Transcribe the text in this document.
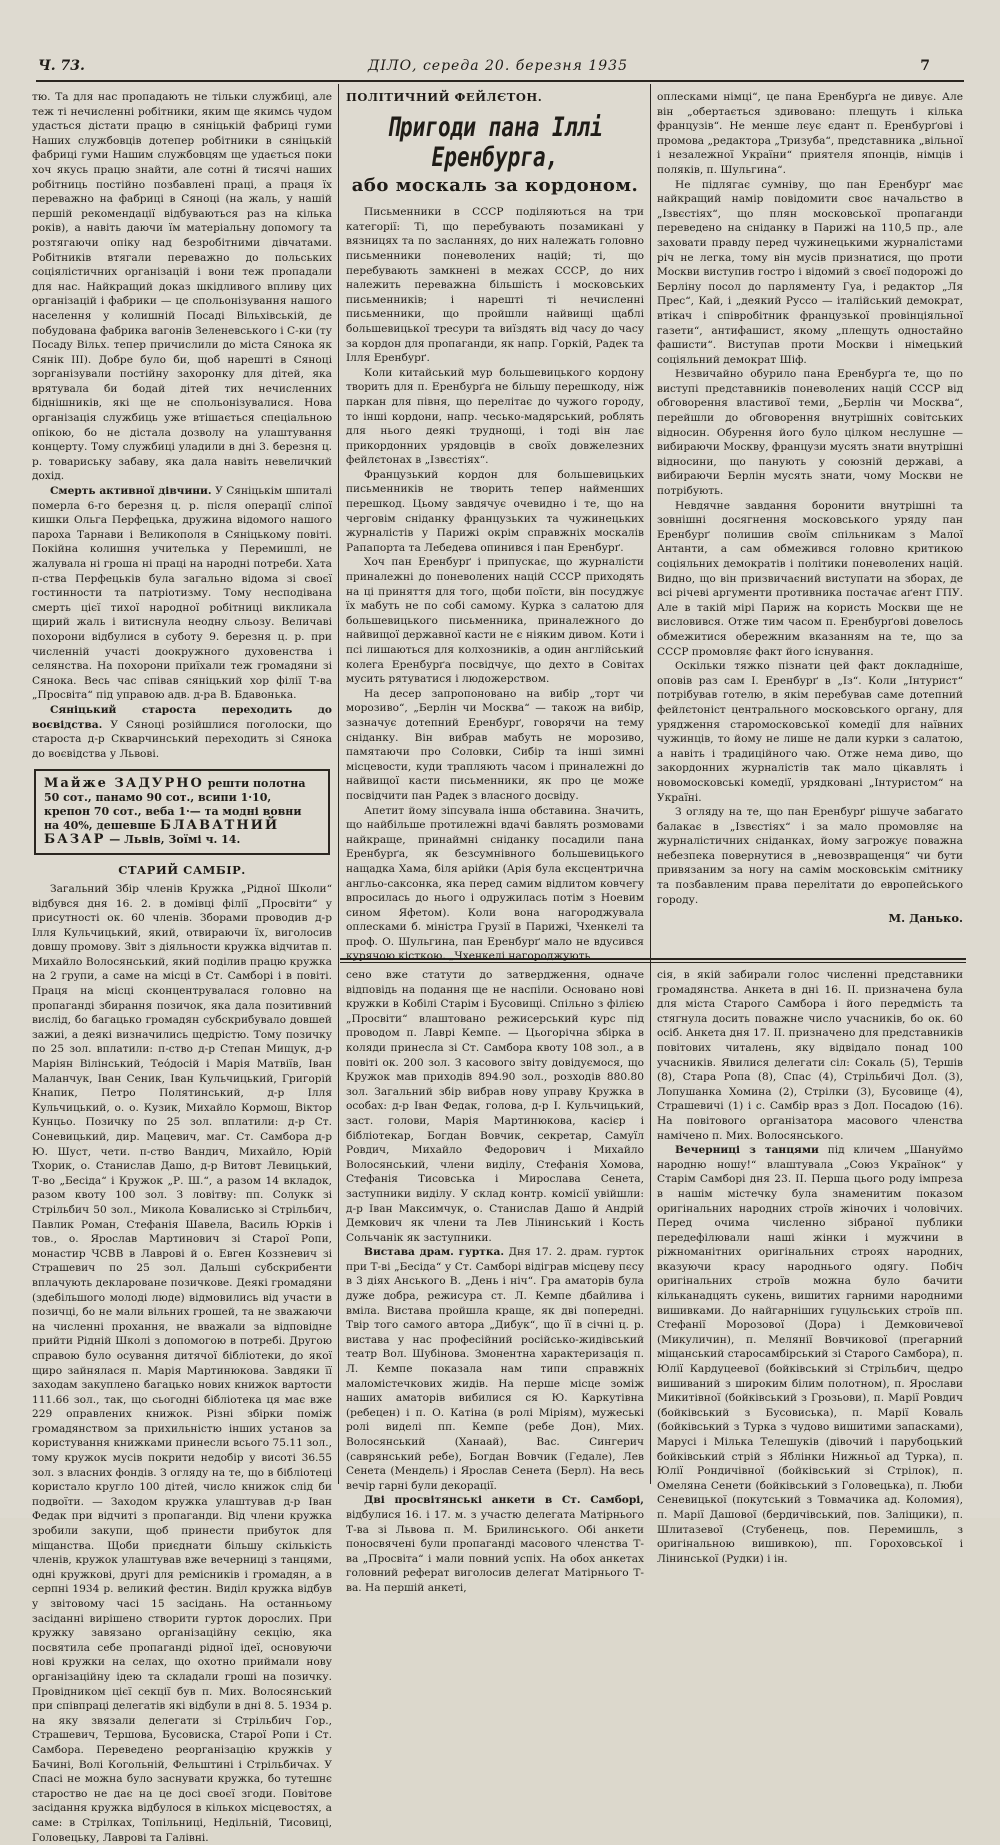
Ч. 73.	ДІЛО, середа 20. березня 1935	7

тю. Та для нас пропадають не тільки службиці, але теж ті нечисленні робітники, яким ще якимсь чудом удасться дістати працю в сяніцькій фабриці гуми Наших службовців дотепер робітники в сяніцькій фабриці гуми Нашим службовцям ще удається поки хоч якусь працю знайти, але сотні й тисячі наших робітниць постійно позбавлені праці, а праця їх переважно на фабриці в Сяноці (на жаль, у нашій першій рекомендації відбуваються раз на кілька років), а навіть даючи їм матеріальну допомогу та розтягаючи опіку над безробітними дівчатами. Робітників втягали переважно до польських соціялістичних організацій і вони теж пропадали для нас. Найкращий доказ шкідливого впливу цих організацій і фабрики — це спольонізування нашого населення у колишній Посаді Вільхівській, де побудована фабрика вагонів Зеленевського і С-ки (ту Посаду Вільх. тепер причислили до міста Сянока як Сянік ІІІ). Добре було би, щоб нарешті в Сяноці зорганізували постійну захоронку для дітей, яка врятувала би бодай дітей тих нечисленних біднішників, які ще не спольонізувалися. Нова організація службиць уже втішається спеціальною опікою, бо не дістала дозволу на улаштування концерту. Тому службиці уладили в дні 3. березня ц. р. товариську забаву, яка дала навіть невеличкий дохід.

Смерть активної дівчини. У Сяніцькім шпиталі померла 6-го березня ц. р. після операції сліпої кишки Ольга Перфецька, дружина відомого нашого пароха Тарнави і Великополя в Сяніцькому повіті. Покійна колишня учителька у Перемишлі, не жалувала ні гроша ні праці на народні потреби. Хата п-ства Перфецьків була загально відома зі своєї гостинности та патріотизму. Тому несподівана смерть цієї тихої народної робітниці викликала щирий жаль і витиснула неодну сльозу. Величаві похорони відбулися в суботу 9. березня ц. р. при численній участі доокружного духовенства і селянства. На похорони приїхали теж громадяни зі Сянока. Весь час співав сяніцький хор філії Т-ва „Просвіта“ під управою адв. д-ра В. Бдавонька.

Сяніцький староста переходить до воєвідства. У Сяноці розійшлися поголоски, що староста д-р Скварчинський переходить зі Сянока до воєвідства у Львові.

Майже ЗАДУРНО решти полотна 50 сот., панамо 90 сот., всипи 1·10, крепон 70 сот., веба 1·— та модні вовни на 40%, дешевше БЛАВАТНИЙ БАЗАР — Львів, Зоїмі ч. 14.
СТАРИЙ САМБІР.

Загальний Збір членів Кружка „Рідної Школи“ відбувся дня 16. 2. в домівці філії „Просвіти“ у присутності ок. 60 членів. Зборами проводив д-р Ілля Кульчицький, який, отвираючи їх, виголосив довшу промову. Звіт з діяльности кружка відчитав п. Михайло Волосянський, який поділив працю кружка на 2 групи, а саме на місці в Ст. Самборі і в повіті. Праця на місці сконцентрувалася головно на пропаганді збирання позичок, яка дала позитивний вислід, бо багацько громадян субскрибувало довшей зажиі, а деякі визначились щедрістю. Тому позичку по 25 зол. вплатили: п-ство д-р Степан Мищук, д-р Маріян Вілінський, Тео́досій і Марія Матвіїв, Іван Маланчук, Іван Сеник, Іван Кульчицький, Григорій Кнапик, Петро Полятинський, д-р Ілля Кульчицький, о. о. Кузик, Михайло Кормош, Віктор Кунцьо. Позичку по 25 зол. вплатили: д-р Ст. Соневицький, дир. Мацевич, маг. Ст. Самбора д-р Ю. Шуст, чети. п-ство Вандич, Михайло, Юрій Тхорик, о. Станислав Дашо, д-р Витовт Левицький, Т-во „Бесіда“ і Кружок „Р. Ш.“, а разом 14 вкладок, разом квоту 100 зол. З ловітву: пп. Солукк зі Стрільбич 50 зол., Микола Ковалисько зі Стрільбич, Павлик Роман, Стефанія Шавела, Василь Юрків і тов., о. Ярослав Мартинович зі Старої Ропи, монастир ЧСВВ в Лаврові й о. Евген Коззневич зі Страшевич по 25 зол. Дальші субскрибенти вплачують деклароване позичкове. Деякі громадяни (здебільшого молоді люде) відмовились від участи в позичці, бо не мали вільних грошей, та не зважаючи на численні прохання, не вважали за відповідне прийти Рідній Школі з допомогою в потребі. Другою справою було осування дитячої бібліотеки, до якої щиро зайнялася п. Марія Мартинюкова. Завдяки її заходам закуплено багацько нових книжок вартости 111.66 зол., так, що сьогодні бібліотека ця має вже 229 оправлених книжок. Різні збірки поміж громадянством за прихильністю інших установ за користування книжками принесли всього 75.11 зол., тому кружок мусів покрити недобір у висоті 36.55 зол. з власних фондів. З огляду на те, що в бібліотеці користало кругло 100 дітей, число книжок слід би подвоїти. — Заходом кружка улаштував д-р Іван Федак при відчиті з пропаганди. Від члени кружка зробили закупи, щоб принести прибуток для міщанства. Щоби приєднати більшу скількість членів, кружок улаштував вже вечерниці з танцями, одні кружкові, другі для ремісників і громадян, а в серпні 1934 р. великий фестин. Виділ кружка відбув у звітовому часі 15 засідань. На останньому засіданні вирішено створити гурток дорослих. При кружку завязано організаційну секцію, яка посвятила себе пропаганді рідної ідеї, основуючи нові кружки на селах, що охотно приймали нову організаційну ідею та складали гроші на позичку. Провідником цієї секції був п. Мих. Волосянський при співпраці делегатів які відбули в дні 8. 5. 1934 р. на яку звязали делегати зі Стрільбич Гор., Страшевич, Тершова, Бусовиска, Старої Ропи і Ст. Самбора. Переведено реорганізацію кружків у Бачині, Волі Когольній, Фельштині і Стрільбичах. У Спасі не можна було заснувати кружка, бо тутешнє староство не дає на це досі своєї згоди. Повітове засідання кружка відбулося в кількох місцевостях, а саме: в Стрілках, Топільниці, Недільній, Тисовиці, Головецьку, Лаврові та Галівні.

ПОЛІТИЧНИЙ ФЕЙЛЄТОН.
Пригоди пана Іллі Еренбурга,
або москаль за кордоном.

Письменники в СССР поділяються на три категорії: Ті, що перебувають позамикані у вязницях та по засланнях, до них належать головно письменники поневолених націй; ті, що перебувають замкнені в межах СССР, до них належить переважна більшість і московських письменників; і нарешті ті нечисленні письменники, що пройшли найвищі щаблі большевицької тресури та виїздять від часу до часу за кордон для пропаганди, як напр. Горкій, Радек та Ілля Еренбурґ.

Коли китайський мур большевицького кордону творить для п. Еренбурґа не більшу перешкоду, ніж паркан для півня, що перелітає до чужого городу, то інші кордони, напр. чесько-мадярський, роблять для нього деякі труднощі, і тоді він лає прикордонних урядовців в своїх довжелезних фейлєтонах в „Ізвєстіях“.

Французький кордон для большевицьких письменників не творить тепер найменших перешкод. Цьому завдячує очевидно і те, що на черговім сніданку французьких та чужинецьких журналістів у Парижі окрім справжніх москалів Рапапорта та Лебедева опинився і пан Еренбурґ.

Хоч пан Еренбурґ і припускає, що журналісти приналежні до поневолених націй СССР приходять на ці приняття для того, щоби поїсти, він посуджує їх мабуть не по собі самому. Курка з салатою для большевицького письменника, приналежного до найвищої державної касти не є ніяким дивом. Коти і псі лишаються для колхозників, а один англійський колега Еренбурґа посвідчує, що дехто в Совітах мусить рятуватися і людожерством.

На десер запропоновано на вибір „торт чи морозиво“, „Берлін чи Москва“ — також на вибір, зазначує дотепний Еренбурґ, говорячи на тему сніданку. Він вибрав мабуть не морозиво, памятаючи про Соловки, Сибір та інші зимні місцевости, куди трапляють часом і приналежні до найвищої касти письменники, як про це може посвідчити пан Радек з власного досвіду.

Апетит йому зіпсувала інша обставина. Значить, що найбільше протилежні вдачі бавлять розмовами найкраще, принаймні сніданку посадили пана Еренбурґа, як безсумнівного большевицького нащадка Хама, біля арійки (Арія була ексцентрична англьо-саксонка, яка перед самим відлитом ковчегу впросилась до нього і одружилась потім з Ноевим сином Яфетом). Коли вона нагороджувала оплесками б. міністра Грузії в Парижі, Чхенкелі та проф. О. Шульгина, пан Еренбурґ мало не вдусився курячою кісткою. „Чхенкелі нагороджують

оплесками німці“, це пана Еренбурґа не дивує. Але він „обертається здивовано: плещуть і кілька французів“. Не менше лєує єдант п. Еренбурґові і промова „редактора „Тризуба“, представника „вільної і незалежної України“ приятеля японців, німців і поляків, п. Шульгина“.

Не підлягає сумніву, що пан Еренбурґ має найкращий намір повідомити своє начальство в „Ізвєстіях“, що плян московської пропаганди переведено на сніданку в Парижі на 110,5 пр., але заховати правду перед чужинецькими журналістами річ не легка, тому він мусів признатися, що проти Москви виступив гостро і відомий з своєї подорожі до Берліну посол до парляменту Гуа, і редактор „Ля Прес“, Кай, і „деякий Руссо — італійський демократ, втікач і співробітник французької провінціяльної газети“, антифашист, якому „плещуть одностайно фашисти“. Виступав проти Москви і німецький соціяльний демократ Шіф.

Незвичайно обурило пана Еренбурґа те, що по виступі представників поневолених націй СССР від обговорення властивої теми, „Берлін чи Москва“, перейшли до обговорення внутрішніх совітських відносин. Обурення його було цілком неслушне — вибираючи Москву, французи мусять знати внутрішні відносини, що панують у союзній державі, а вибираючи Берлін мусять знати, чому Москви не потрібують.

Невдячне завдання боронити внутрішні та зовнішні досягнення московського уряду пан Еренбурґ полишив своїм спільникам з Малої Антанти, а сам обмежився головно критикою соціяльних демократів і політики поневолених націй. Видно, що він призвичаєний виступати на зборах, де всі річеві аргументи противника постачає аґент ГПУ. Але в такій мірі Париж на користь Москви ще не висловився. Отже тим часом п. Еренбурґові довелось обмежитися обережним вказанням на те, що за СССР промовляє факт його існування.

Оскільки тяжко пізнати цей факт докладніше, оповів раз сам І. Еренбурґ в „Із“. Коли „Інтурист“ потрібував готелю, в якім перебував саме дотепний фейлєтоніст центрального московського органу, для урядження старомосковської комедії для наївних чужинців, то йому не лише не дали курки з салатою, а навіть і традиційного чаю. Отже нема диво, що закордонних журналістів так мало цікавлять і новомосковські комедії, урядковані „Інтуристом“ на Україні.

З огляду на те, що пан Еренбурґ рішуче забагато балакає в „Ізвєстіях“ і за мало промовляє на журналістичних сніданках, йому загрожує поважна небезпека повернутися в „невозвращенця“ чи бути привязаним за ногу на самім московськім смітнику та позбавленим права перелітати до европейського городу.

М. Данько.

сено вже статути до затвердження, одначе відповідь на подання ще не наспіли. Основано нові кружки в Кобілі Старім і Бусовищі. Спільно з філією „Просвіти“ влаштовано режисерський курс під проводом п. Лаврі Кемпе. — Цьогорічна збірка в коляди принесла зі Ст. Самбора квоту 108 зол., а в повіті ок. 200 зол. З касового звіту довідуємося, що Кружок мав приходів 894.90 зол., розходів 880.80 зол. Загальний збір вибрав нову управу Кружка в особах: д-р Іван Федак, голова, д-р І. Кульчицький, заст. голови, Марія Мартинюкова, касієр і бібліотекар, Богдан Вовчик, секретар, Самуїл Ровдич, Михайло Федорович і Михайло Волосянський, члени виділу, Стефанія Хомова, Стефанія Тисовська і Мирослава Сенета, заступники виділу. У склад контр. комісії увійшли: д-р Іван Максимчук, о. Станислав Дашо й Андрій Демкович як члени та Лев Лінинський і Кость Сольчанік як заступники.

Вистава драм. гуртка. Дня 17. 2. драм. гурток при Т-ві „Бесіда“ у Ст. Самборі відіграв місцеву пєсу в 3 діях Анського В. „День і ніч“. Гра аматорів була дуже добра, режисура ст. Л. Кемпе дбайлива і вміла. Вистава пройшла краще, як дві попередні. Твір того самого автора „Дибук“, що її в січні ц. р. вистава у нас професійний російсько-жидівський театр Вол. Шубінова. Змонентна характеризація п. Л. Кемпе показала нам типи справжніх маломістечкових жидів. На перше місце зоміж наших аматорів вибилися ся Ю. Каркутівна (ребецен) і п. О. Катіна (в ролі Міріям), мужеські ролі виделі пп. Кемпе (ребе Дон), Мих. Волосянський (Ханаай), Вас. Сингерич (саврянський ребе), Богдан Вовчик (Гедале), Лев Сенета (Мендель) і Ярослав Сенета (Берл). На весь вечір гарні були декорації.

Дві просвітянські анкети в Ст. Самборі, відбулися 16. і 17. м. з участю делегата Матірнього Т-ва зі Львова п. М. Брилинського. Обі анкети поносвячені були пропаганді масового членства Т-ва „Просвіта“ і мали повний успіх. На обох анкетах головний реферат виголосив делегат Матірнього Т-ва. На першій анкеті,

сія, в якій забирали голос численні представники громадянства. Анкета в дні 16. ІІ. призначена була для міста Старого Самбора і його передмість та стягнула досить поважне число учасників, бо ок. 60 осіб. Анкета дня 17. ІІ. призначено для представників повітових читалень, яку відвідало понад 100 учасників. Явилися делегати сіл: Сокаль (5), Тершів (8), Стара Ропа (8), Спас (4), Стрільбичі Дол. (3), Лопушанка Хомина (2), Стрілки (3), Бусовище (4), Страшевичі (1) і с. Самбір враз з Дол. Посадою (16). На повітового організатора масового членства намічено п. Мих. Волосянського.

Вечерниці з танцями під кличем „Шануймо народню ношу!“ влаштувала „Союз Українок“ у Старім Самборі дня 23. ІІ. Перша цього роду імпреза в нашім містечку була знаменитим показом оригінальних народних строїв жіночих і чоловічих. Перед очима численно зібраної публики передефілювали наші жінки і мужчини в ріжноманітних оригінальних строях народних, вказуючи красу народнього одягу. Побіч оригінальних строїв можна було бачити кільканадцять сукень, вишитих гарними народними вишивками. До найгарніших гуцульських строїв пп. Стефанії Морозової (Дора) і Демковичевої (Микуличин), п. Мелянії Вовчикової (прегарний міщанський старосамбірський зі Старого Самбора), п. Юлії Кардуцеевої (бойківський зі Стрільбич, щедро вишиваний з широким білим полотном), п. Ярослави Микитівної (бойківський з Грозьови), п. Марії Ровдич (бойківський з Бусовиська), п. Марії Коваль (бойківський з Турка з чудово вишитими запасками), Марусі і Мілька Телешуків (дівочий і парубоцький бойківський стрій з Яблінки Нижньої ад Турка), п. Юлії Рондичівної (бойківський зі Стрілок), п. Омеляна Сенети (бойківський з Головецька), п. Люби Сеневицької (покутський з Товмачика ад. Коломия), п. Марії Дашової (бердичівський, пов. Заліщики), п. Шлитазевої (Стубенець, пов. Перемишль, з оригінальною вишивкою), пп. Гороховської і Лінинської (Рудки) і ін.
